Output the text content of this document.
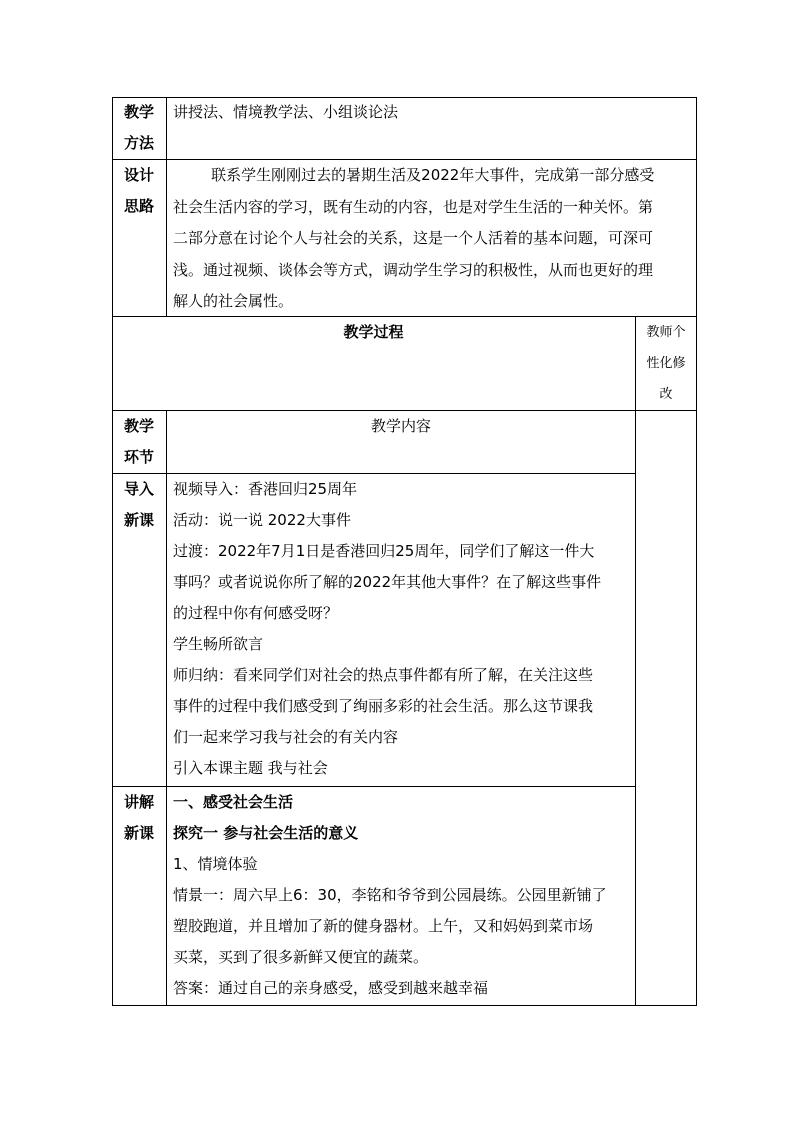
教学
方法
讲授法、情境教学法、小组谈论法
设计
思路
联系学生刚刚过去的暑期生活及2022年大事件，完成第一部分感受
社会生活内容的学习，既有生动的内容，也是对学生生活的一种关怀。第
二部分意在讨论个人与社会的关系，这是一个人活着的基本问题，可深可
浅。通过视频、谈体会等方式，调动学生学习的积极性，从而也更好的理
解人的社会属性。
教学过程	教师个
性化修
改
教学
环节
教学内容
导入
新课
视频导入：香港回归25周年
活动：说一说 2022大事件
过渡：2022年7月1日是香港回归25周年，同学们了解这一件大
事吗？或者说说你所了解的2022年其他大事件？在了解这些事件
的过程中你有何感受呀？
学生畅所欲言
师归纳：看来同学们对社会的热点事件都有所了解，在关注这些
事件的过程中我们感受到了绚丽多彩的社会生活。那么这节课我
们一起来学习我与社会的有关内容
引入本课主题 我与社会
讲解
新课
一、感受社会生活
探究一 参与社会生活的意义
1、情境体验
情景一：周六早上6：30，李铭和爷爷到公园晨练。公园里新铺了
塑胶跑道，并且增加了新的健身器材。上午，又和妈妈到菜市场
买菜，买到了很多新鲜又便宜的蔬菜。
答案：通过自己的亲身感受，感受到越来越幸福
